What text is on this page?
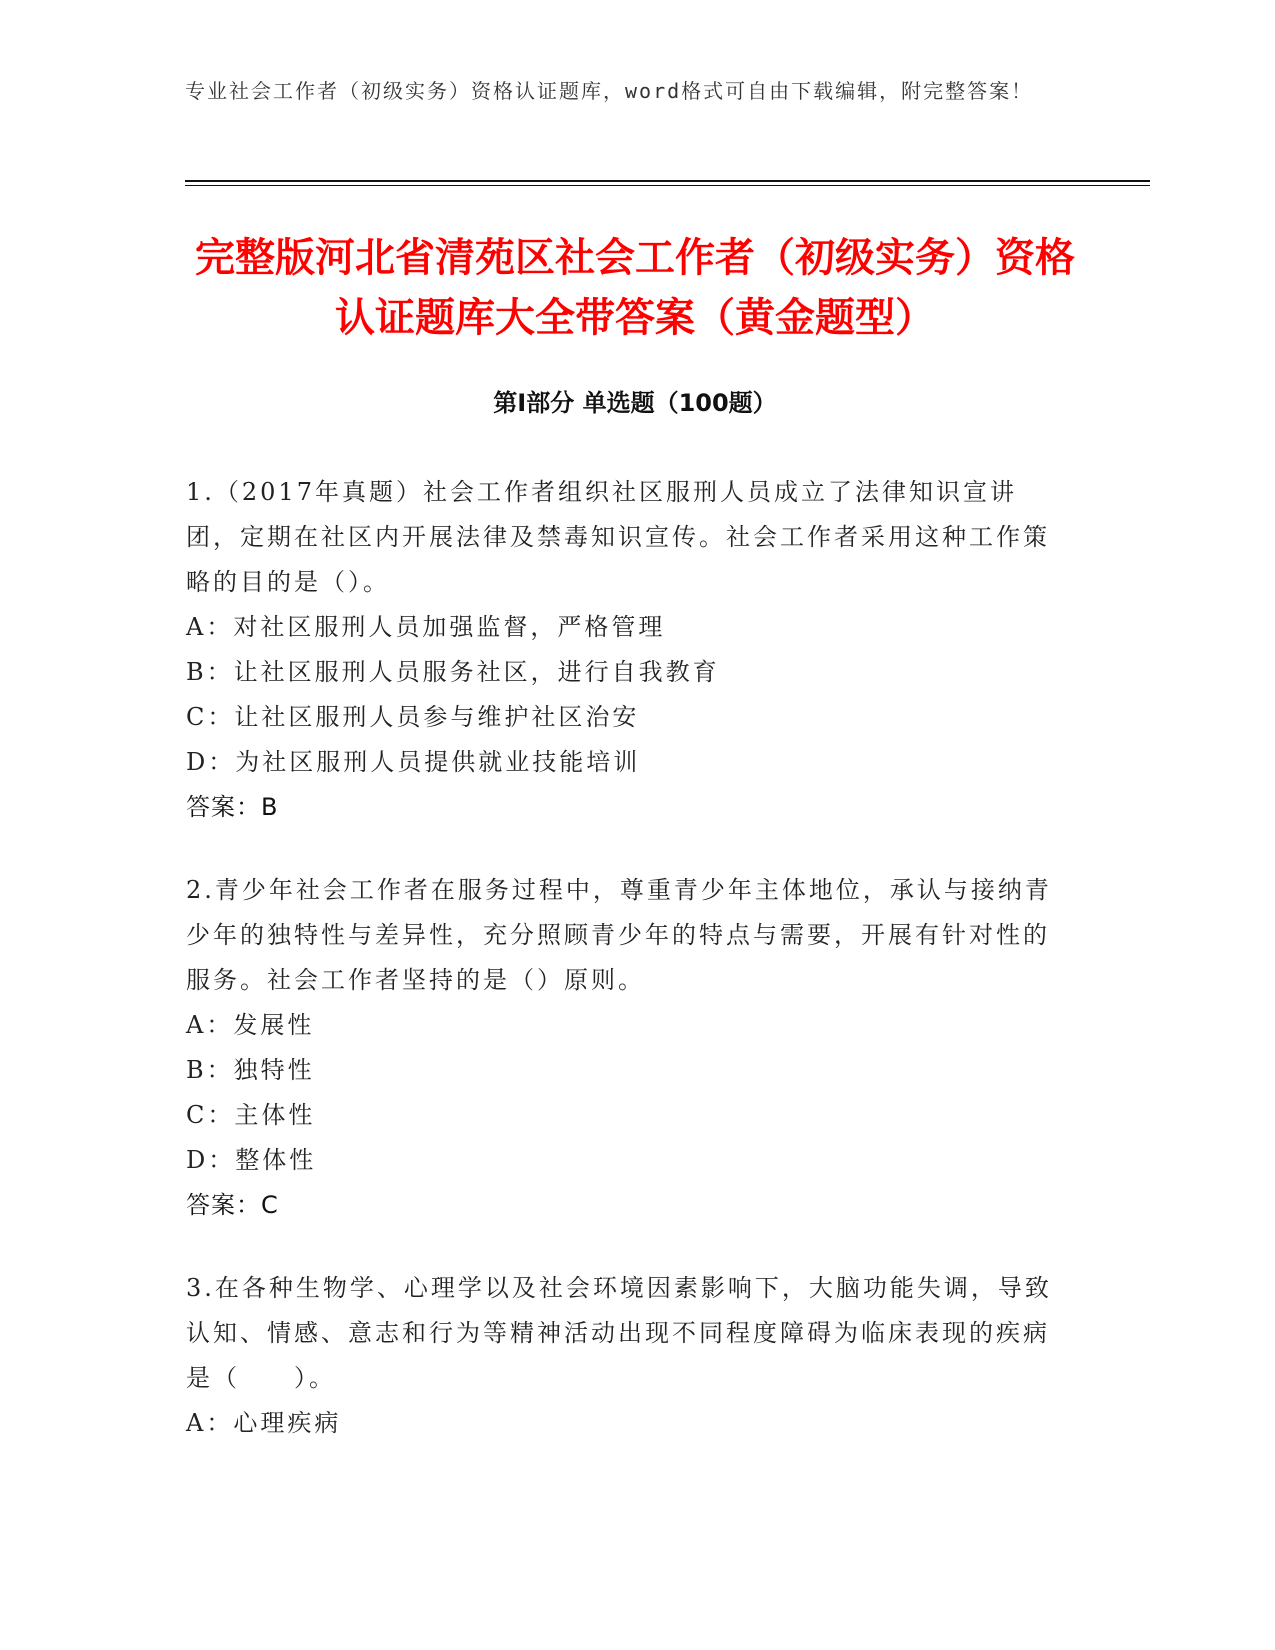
专业社会工作者（初级实务）资格认证题库，word格式可自由下载编辑，附完整答案！
完整版河北省清苑区社会工作者（初级实务）资格认证题库大全带答案（黄金题型）
第I部分 单选题（100题）
1.（2017年真题）社会工作者组织社区服刑人员成立了法律知识宣讲团，定期在社区内开展法律及禁毒知识宣传。社会工作者采用这种工作策略的目的是（）。
A：对社区服刑人员加强监督，严格管理
B：让社区服刑人员服务社区，进行自我教育
C：让社区服刑人员参与维护社区治安
D：为社区服刑人员提供就业技能培训
答案：B
2.青少年社会工作者在服务过程中，尊重青少年主体地位，承认与接纳青少年的独特性与差异性，充分照顾青少年的特点与需要，开展有针对性的服务。社会工作者坚持的是（）原则。
A：发展性
B：独特性
C：主体性
D：整体性
答案：C
3.在各种生物学、心理学以及社会环境因素影响下，大脑功能失调，导致认知、情感、意志和行为等精神活动出现不同程度障碍为临床表现的疾病是（　　）。
A：心理疾病
